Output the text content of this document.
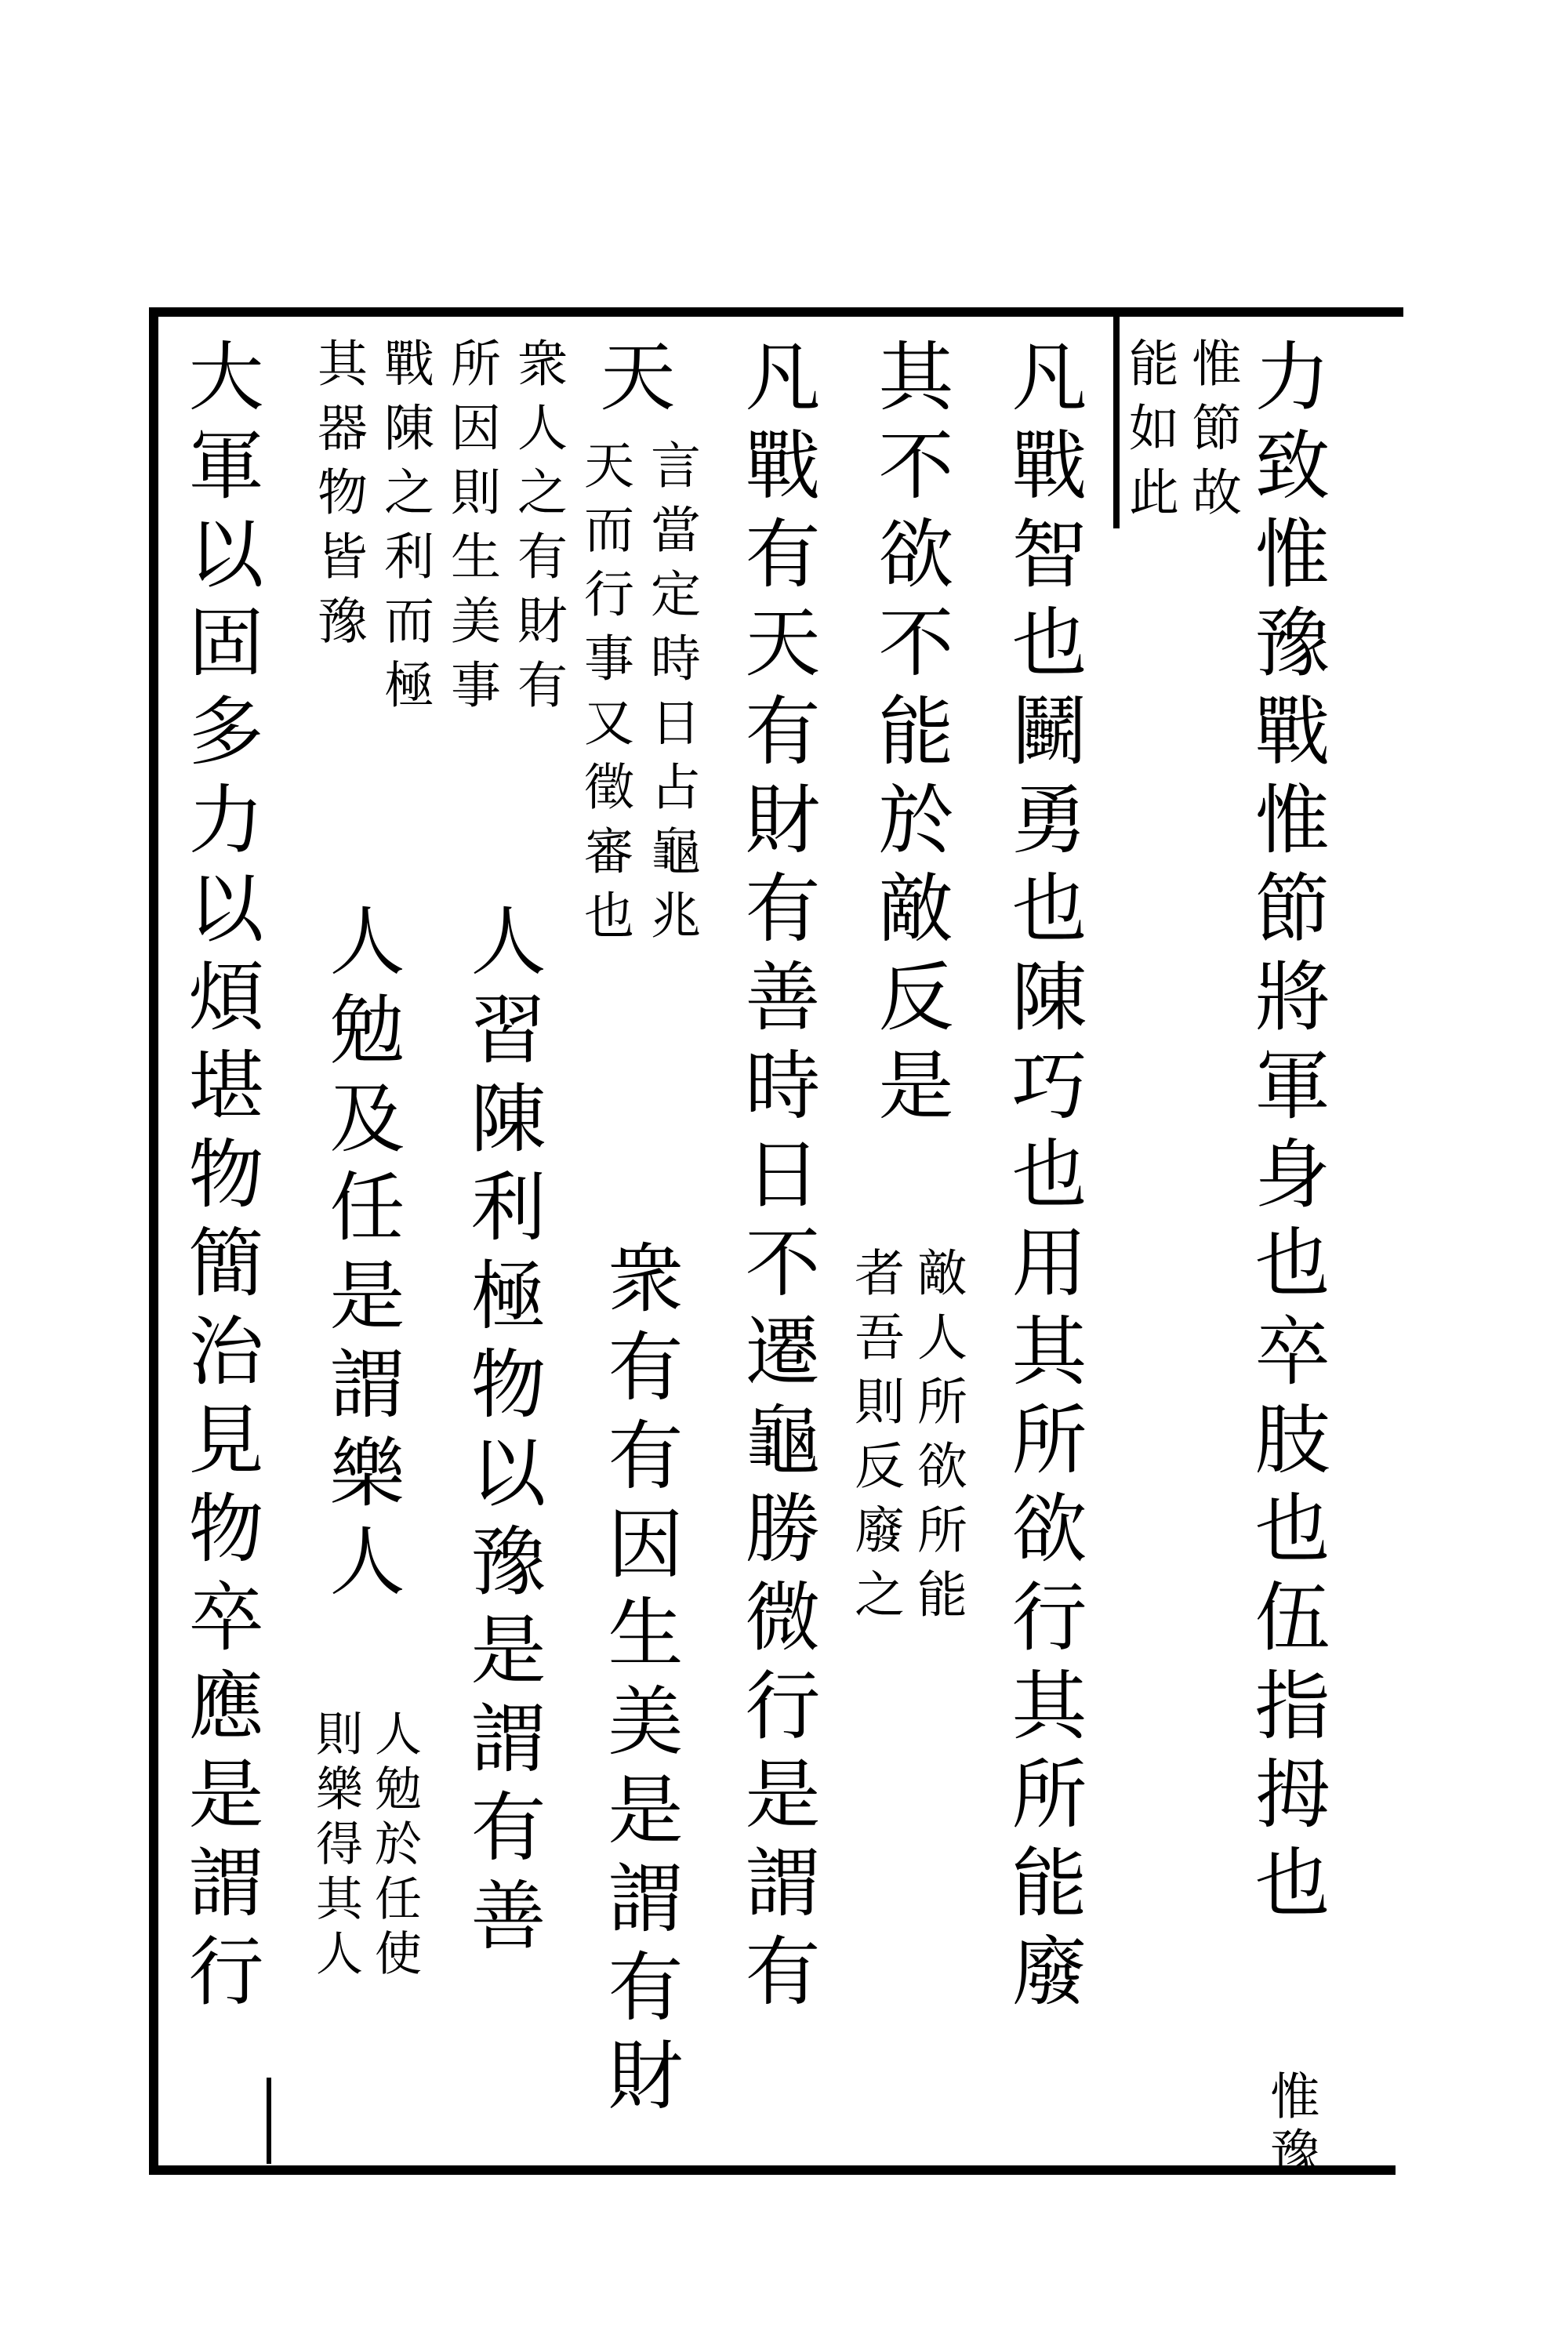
力致惟豫戰惟節將軍身也卒肢也伍指拇也
惟豫
惟節故
能如此
凡戰智也鬭勇也陳巧也用其所欲行其所能廢
其不欲不能於敵反是
敵人所欲所能
者吾則反廢之
凡戰有天有財有善時日不遷龜勝微行是謂有
言當定時日占龜兆
天而行事又徵審也
天
衆有有因生美是謂有財
衆人之有財有
所因則生美事
人習陳利極物以豫是謂有善
戰陳之利而極
其器物皆豫
人勉及任是謂樂人
人勉於任使
則樂得其人
大軍以固多力以煩堪物簡治見物卒應是謂行
